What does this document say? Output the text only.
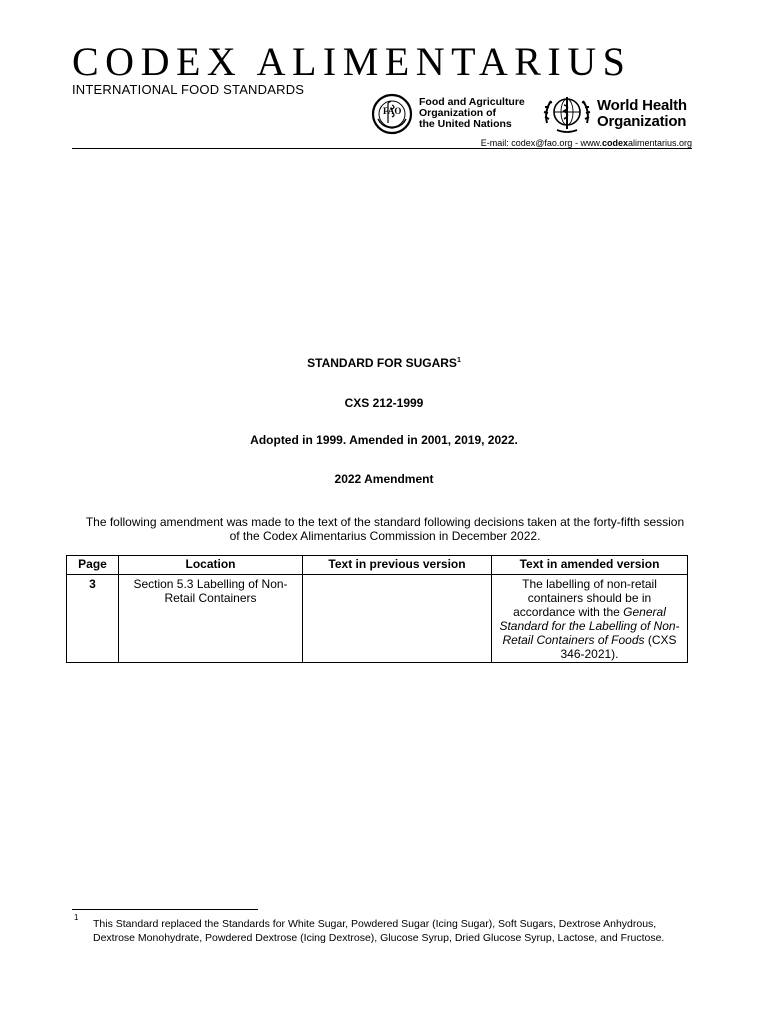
CODEX ALIMENTARIUS
INTERNATIONAL FOOD STANDARDS
FAO
Food and Agriculture
Organization of
the United Nations
World Health
Organization
E-mail: codex@fao.org - www.codexalimentarius.org
STANDARD FOR SUGARS$^1$
CXS 212-1999
Adopted in 1999. Amended in 2001, 2019, 2022.
2022 Amendment
The following amendment was made to the text of the standard following decisions taken at the forty-fifth session of the Codex Alimentarius Commission in December 2022.
Page	Location	Text in previous version	Text in amended version
3	Section 5.3 Labelling of Non-Retail Containers		The labelling of non-retail containers should be in accordance with the General Standard for the Labelling of Non-Retail Containers of Foods (CXS 346-2021).
1
This Standard replaced the Standards for White Sugar, Powdered Sugar (Icing Sugar), Soft Sugars, Dextrose Anhydrous, Dextrose Monohydrate, Powdered Dextrose (Icing Dextrose), Glucose Syrup, Dried Glucose Syrup, Lactose, and Fructose.
